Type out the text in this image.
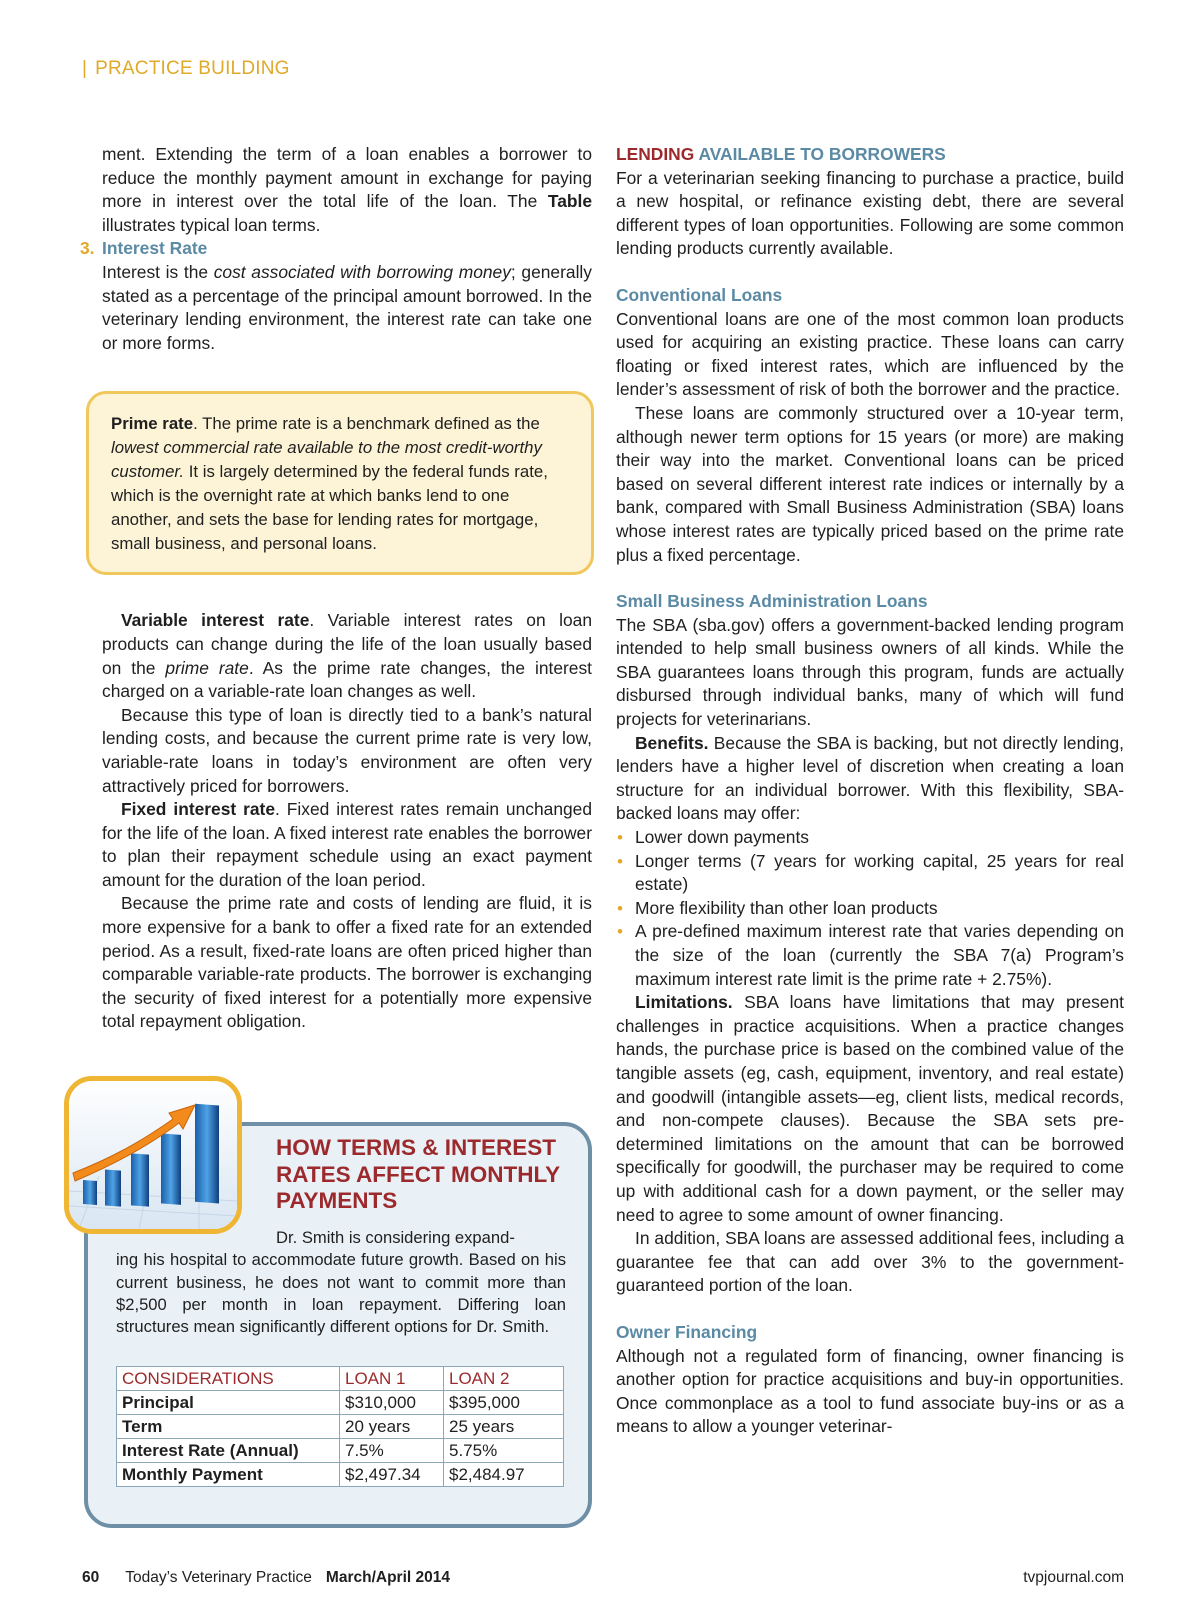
| PRACTICE BUILDING

ment. Extending the term of a loan enables a borrower to reduce the monthly payment amount in exchange for paying more in interest over the total life of the loan. The Table illustrates typical loan terms.

3. Interest Rate

Interest is the cost associated with borrowing money; generally stated as a percentage of the principal amount borrowed. In the veterinary lending environment, the interest rate can take one or more forms.

Prime rate. The prime rate is a benchmark defined as the lowest commercial rate available to the most credit-worthy customer. It is largely determined by the federal funds rate, which is the overnight rate at which banks lend to one another, and sets the base for lending rates for mortgage, small business, and personal loans.

Variable interest rate. Variable interest rates on loan products can change during the life of the loan usually based on the prime rate. As the prime rate changes, the interest charged on a variable-rate loan changes as well.

Because this type of loan is directly tied to a bank’s natural lending costs, and because the current prime rate is very low, variable-rate loans in today’s environment are often very attractively priced for borrowers.

Fixed interest rate. Fixed interest rates remain unchanged for the life of the loan. A fixed interest rate enables the borrower to plan their repayment schedule using an exact payment amount for the duration of the loan period.

Because the prime rate and costs of lending are fluid, it is more expensive for a bank to offer a fixed rate for an extended period. As a result, fixed-rate loans are often priced higher than comparable variable-rate products. The borrower is exchanging the security of fixed interest for a potentially more expensive total repayment obligation.

HOW TERMS & INTEREST RATES AFFECT MONTHLY PAYMENTS
Dr. Smith is considering expand-
ing his hospital to accommodate future growth. Based on his current business, he does not want to commit more than $2,500 per month in loan repayment. Differing loan structures mean significantly different options for Dr. Smith.
CONSIDERATIONS	LOAN 1	LOAN 2
Principal	$310,000	$395,000
Term	20 years	25 years
Interest Rate (Annual)	7.5%	5.75%
Monthly Payment	$2,497.34	$2,484.97
LENDING AVAILABLE TO BORROWERS

For a veterinarian seeking financing to purchase a practice, build a new hospital, or refinance existing debt, there are several different types of loan opportunities. Following are some common lending products currently available.

Conventional Loans

Conventional loans are one of the most common loan products used for acquiring an existing practice. These loans can carry floating or fixed interest rates, which are influenced by the lender’s assessment of risk of both the borrower and the practice.

These loans are commonly structured over a 10-year term, although newer term options for 15 years (or more) are making their way into the market. Conventional loans can be priced based on several different interest rate indices or internally by a bank, compared with Small Business Administration (SBA) loans whose interest rates are typically priced based on the prime rate plus a fixed percentage.

Small Business Administration Loans

The SBA (sba.gov) offers a government-backed lending program intended to help small business owners of all kinds. While the SBA guarantees loans through this program, funds are actually disbursed through individual banks, many of which will fund projects for veterinarians.

Benefits. Because the SBA is backing, but not directly lending, lenders have a higher level of discretion when creating a loan structure for an individual borrower. With this flexibility, SBA-backed loans may offer:

• Lower down payments
• Longer terms (7 years for working capital, 25 years for real estate)
• More flexibility than other loan products
• A pre-defined maximum interest rate that varies depending on the size of the loan (currently the SBA 7(a) Program’s maximum interest rate limit is the prime rate + 2.75%).

Limitations. SBA loans have limitations that may present challenges in practice acquisitions. When a practice changes hands, the purchase price is based on the combined value of the tangible assets (eg, cash, equipment, inventory, and real estate) and goodwill (intangible assets—eg, client lists, medical records, and non-compete clauses). Because the SBA sets pre-determined limitations on the amount that can be borrowed specifically for goodwill, the purchaser may be required to come up with additional cash for a down payment, or the seller may need to agree to some amount of owner financing.

In addition, SBA loans are assessed additional fees, including a guarantee fee that can add over 3% to the government-guaranteed portion of the loan.

Owner Financing

Although not a regulated form of financing, owner financing is another option for practice acquisitions and buy-in opportunities. Once commonplace as a tool to fund associate buy-ins or as a means to allow a younger veterinar-

60 Today’s Veterinary Practice March/April 2014	tvpjournal.com
